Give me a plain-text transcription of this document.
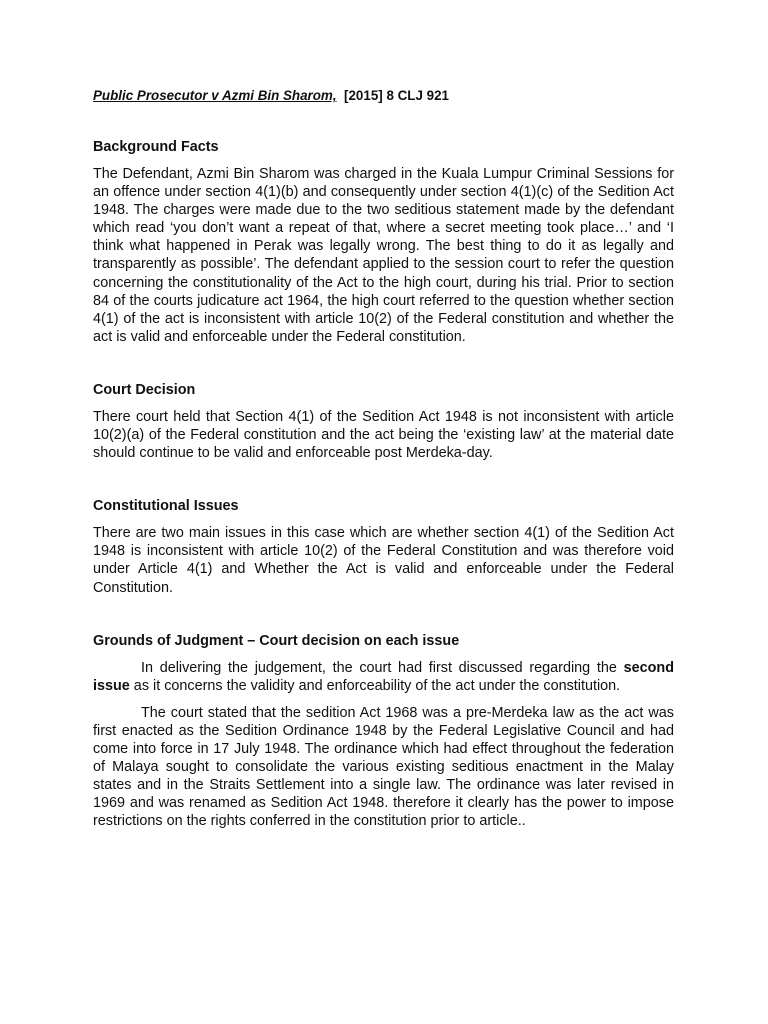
Public Prosecutor v Azmi Bin Sharom, [2015] 8 CLJ 921

Background Facts

The Defendant, Azmi Bin Sharom was charged in the Kuala Lumpur Criminal Sessions for an offence under section 4(1)(b) and consequently under section 4(1)(c) of the Sedition Act 1948. The charges were made due to the two seditious statement made by the defendant which read ‘you don’t want a repeat of that, where a secret meeting took place…’ and ‘I think what happened in Perak was legally wrong. The best thing to do it as legally and transparently as possible’. The defendant applied to the session court to refer the question concerning the constitutionality of the Act to the high court, during his trial. Prior to section 84 of the courts judicature act 1964, the high court referred to the question whether section 4(1) of the act is inconsistent with article 10(2) of the Federal constitution and whether the act is valid and enforceable under the Federal constitution.

Court Decision

There court held that Section 4(1) of the Sedition Act 1948 is not inconsistent with article 10(2)(a) of the Federal constitution and the act being the ‘existing law’ at the material date should continue to be valid and enforceable post Merdeka-day.

Constitutional Issues

There are two main issues in this case which are whether section 4(1) of the Sedition Act 1948 is inconsistent with article 10(2) of the Federal Constitution and was therefore void under Article 4(1) and Whether the Act is valid and enforceable under the Federal Constitution.

Grounds of Judgment – Court decision on each issue

In delivering the judgement, the court had first discussed regarding the second issue as it concerns the validity and enforceability of the act under the constitution.

The court stated that the sedition Act 1968 was a pre-Merdeka law as the act was first enacted as the Sedition Ordinance 1948 by the Federal Legislative Council and had come into force in 17 July 1948. The ordinance which had effect throughout the federation of Malaya sought to consolidate the various existing seditious enactment in the Malay states and in the Straits Settlement into a single law. The ordinance was later revised in 1969 and was renamed as Sedition Act 1948. therefore it clearly has the power to impose restrictions on the rights conferred in the constitution prior to article..
